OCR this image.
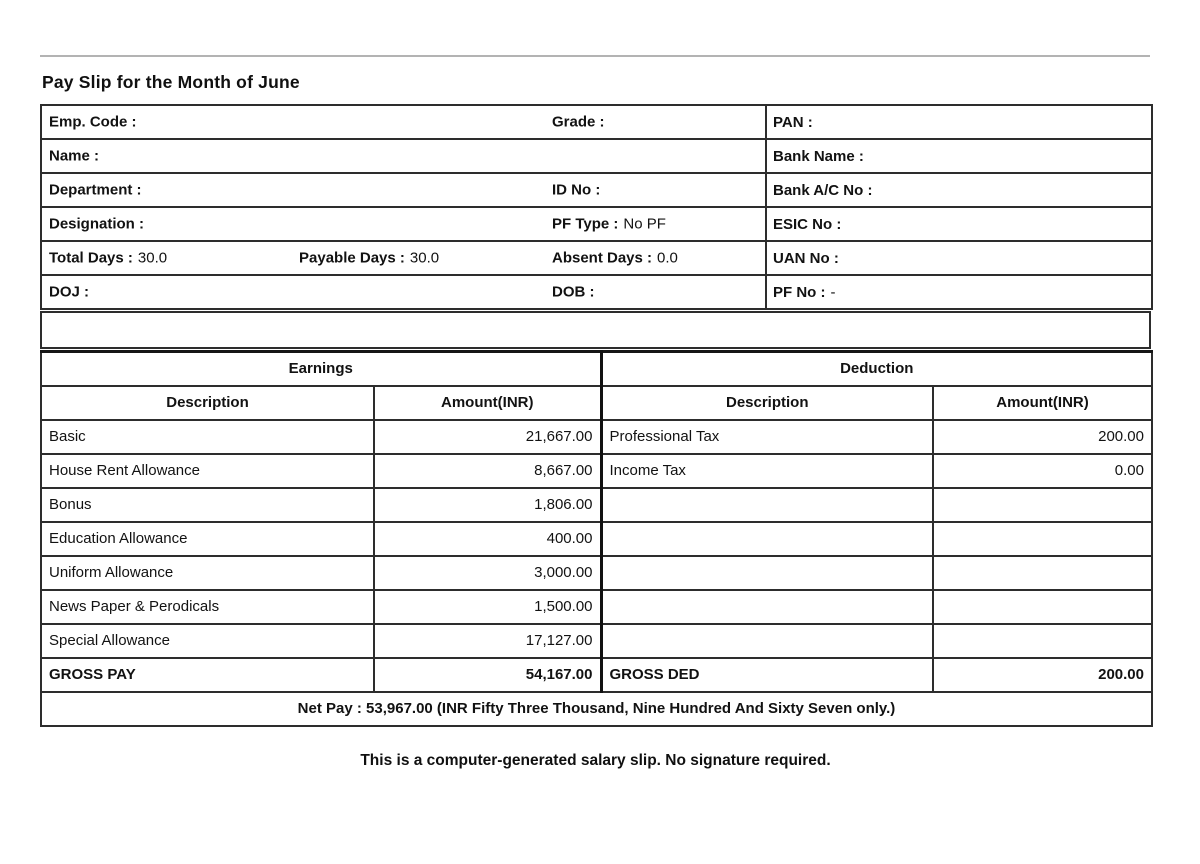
Pay Slip for the Month of June
Emp. Code : Grade :	PAN :

Name :	Bank Name :

Department : ID No :	Bank A/C No :

Designation : PF Type : No PF	ESIC No :

Total Days : 30.0 Payable Days : 30.0 Absent Days : 0.0	UAN No :

DOJ : DOB :	PF No : -
Earnings		Deduction	
Description	Amount(INR)	Description	Amount(INR)
Basic	21,667.00	Professional Tax	200.00
House Rent Allowance	8,667.00	Income Tax	0.00
Bonus	1,806.00		
Education Allowance	400.00		
Uniform Allowance	3,000.00		
News Paper & Perodicals	1,500.00		
Special Allowance	17,127.00		
GROSS PAY	54,167.00	GROSS DED	200.00
Net Pay : 53,967.00 (INR Fifty Three Thousand, Nine Hundred And Sixty Seven only.)			
This is a computer-generated salary slip. No signature required.
